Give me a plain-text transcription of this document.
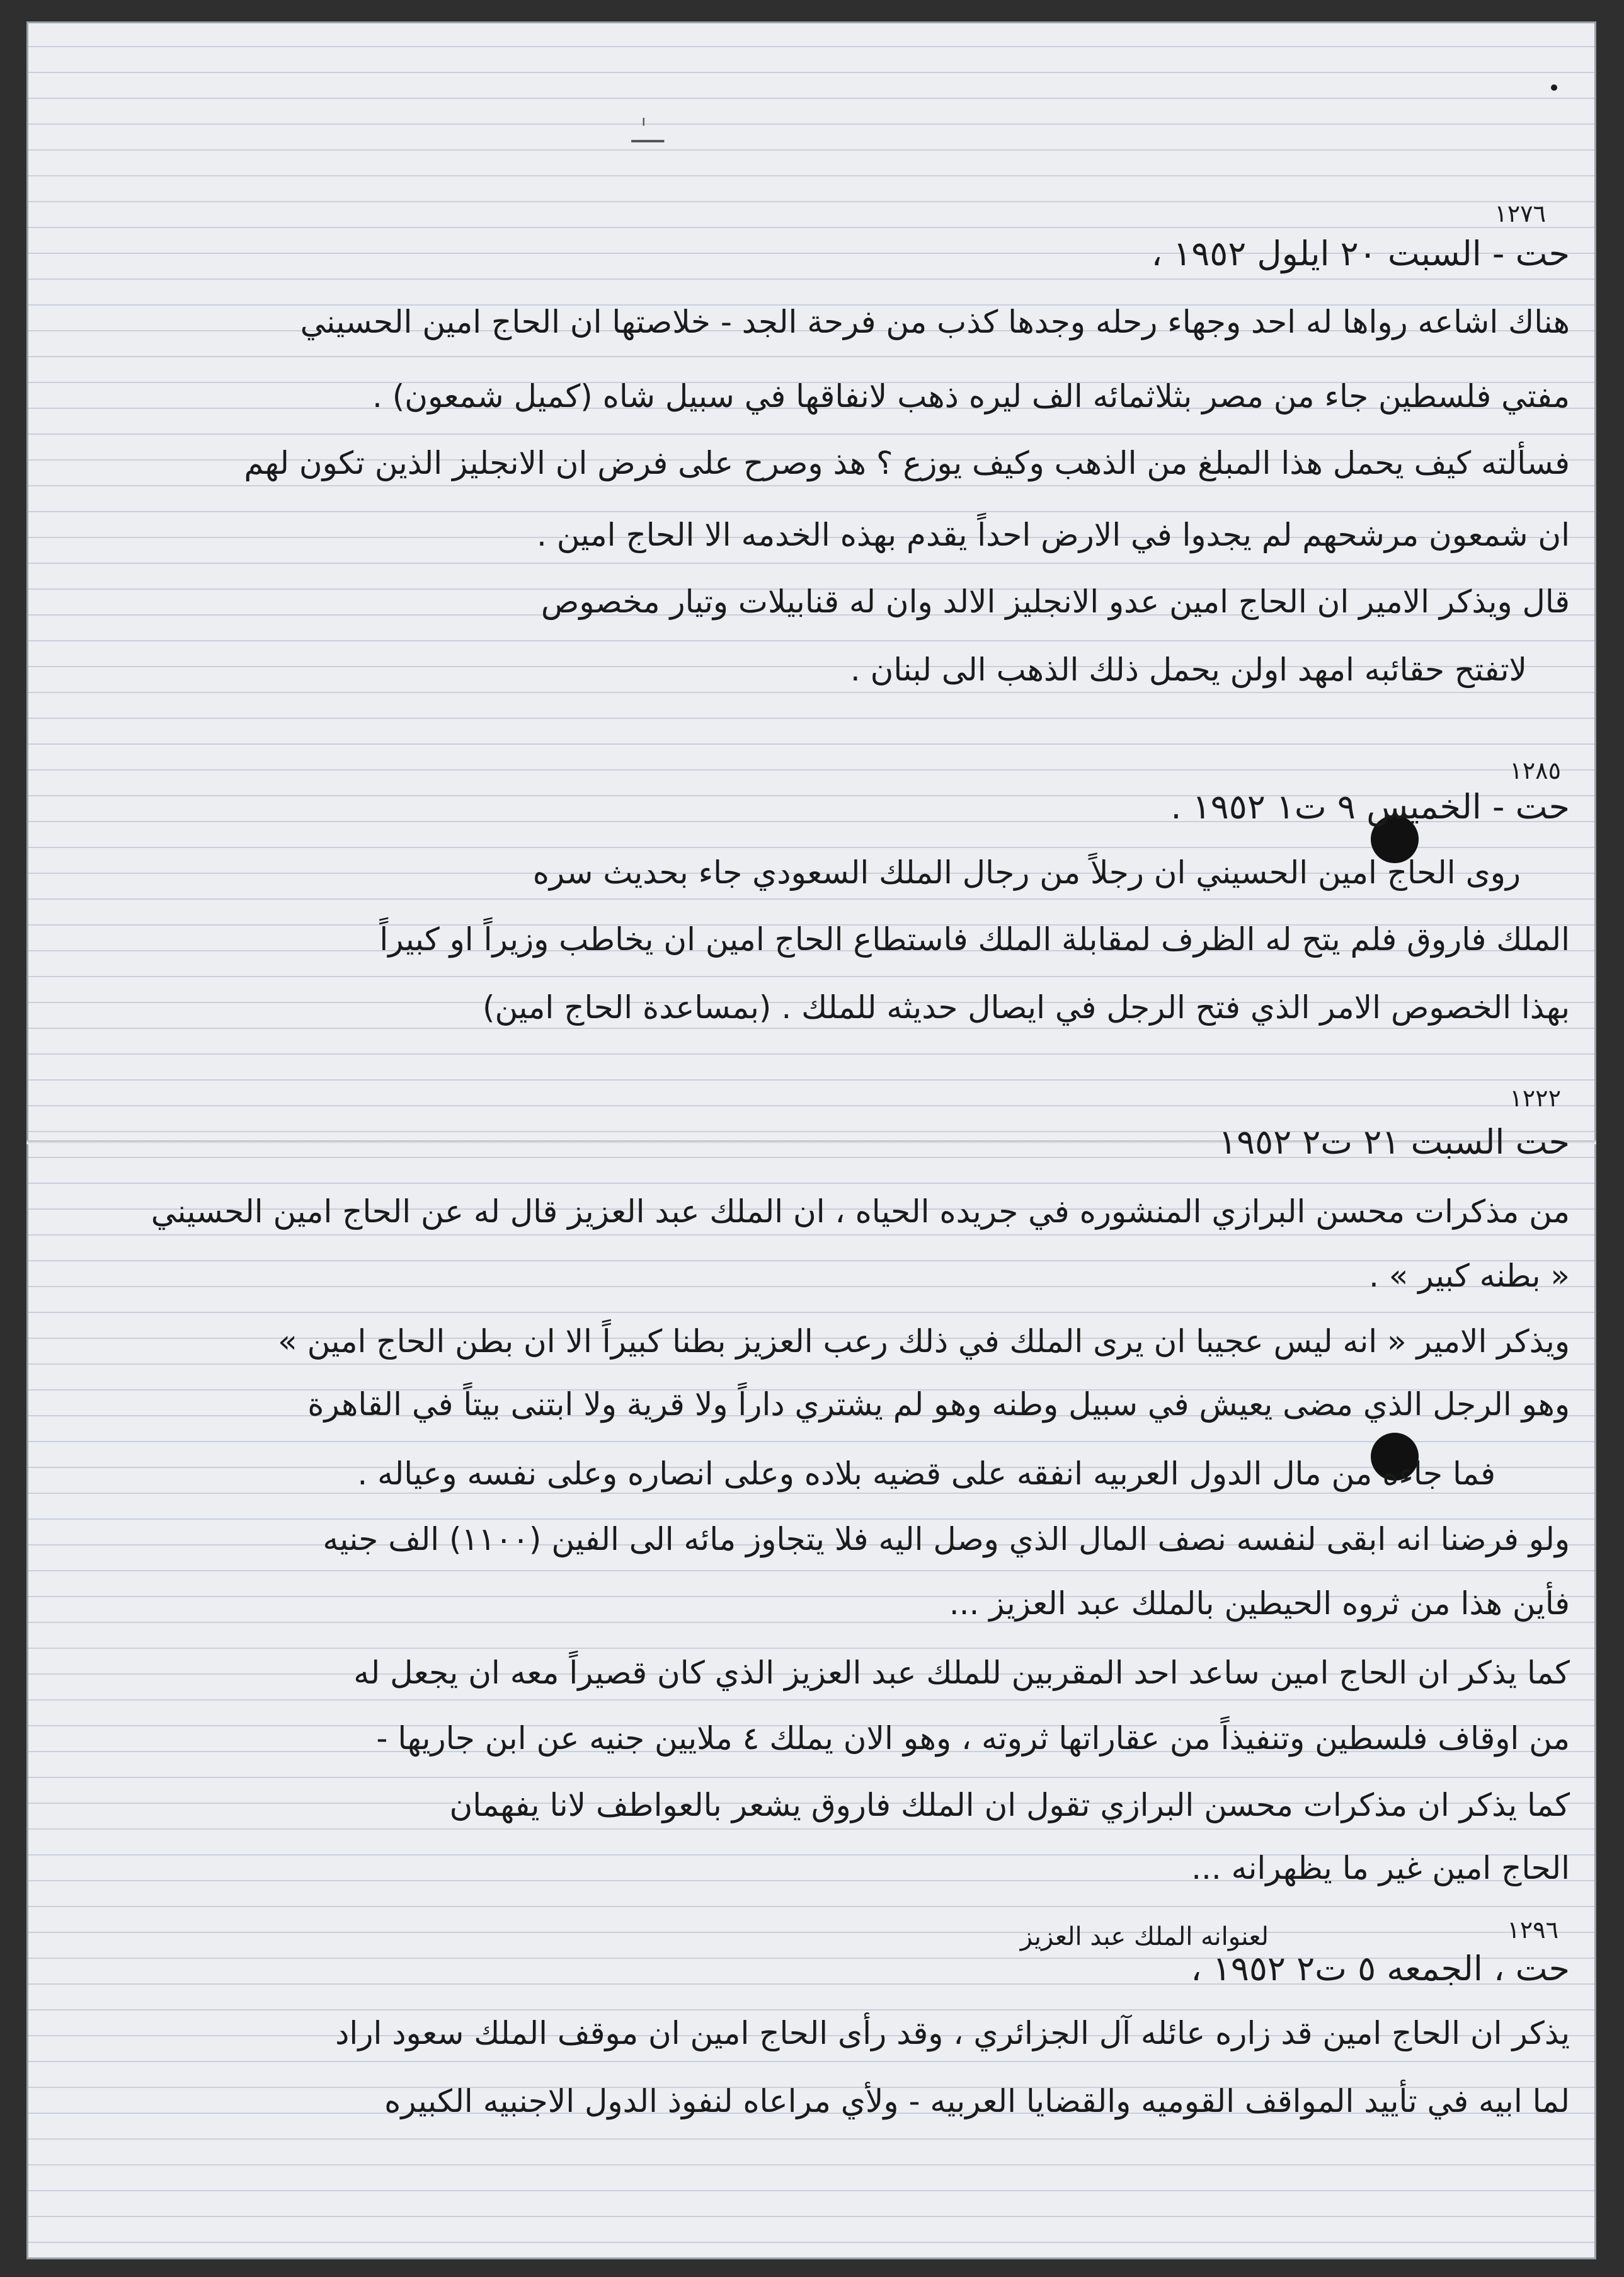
ـــٰـ
١٢٧٦
حت - السبت ٢٠ ايلول ١٩٥٢ ،
هناك اشاعه رواها له احد وجهاء رحله وجدها كذب من فرحة الجد - خلاصتها ان الحاج امين الحسيني
مفتي فلسطين جاء من مصر بثلاثمائه الف ليره ذهب لانفاقها في سبيل شاه (كميل شمعون) .
فسألته كيف يحمل هذا المبلغ من الذهب وكيف يوزع ؟ هذ وصرح على فرض ان الانجليز الذين تكون لهم
ان شمعون مرشحهم لم يجدوا في الارض احداً يقدم بهذه الخدمه الا الحاج امين .
قال ويذكر الامير ان الحاج امين عدو الانجليز الالد وان له قنابيلات وتيار مخصوص
لاتفتح حقائبه امهد اولن يحمل ذلك الذهب الى لبنان .
١٢٨٥
حت - الخميس ٩ ت١ ١٩٥٢ .
روى الحاج امين الحسيني ان رجلاً من رجال الملك السعودي جاء بحديث سره
الملك فاروق فلم يتح له الظرف لمقابلة الملك فاستطاع الحاج امين ان يخاطب وزيراً او كبيراً
بهذا الخصوص الامر الذي فتح الرجل في ايصال حديثه للملك . (بمساعدة الحاج امين)
١٢٢٢
حت السبت ٢١ ت٢ ١٩٥٢
من مذكرات محسن البرازي المنشوره في جريده الحياه ، ان الملك عبد العزيز قال له عن الحاج امين الحسيني
« بطنه كبير » .
ويذكر الامير « انه ليس عجيبا ان يرى الملك في ذلك رعب العزيز بطنا كبيراً الا ان بطن الحاج امين »
وهو الرجل الذي مضى يعيش في سبيل وطنه وهو لم يشتري داراً ولا قرية ولا ابتنى بيتاً في القاهرة
فما جاءه من مال الدول العربيه انفقه على قضيه بلاده وعلى انصاره وعلى نفسه وعياله .
ولو فرضنا انه ابقى لنفسه نصف المال الذي وصل اليه فلا يتجاوز مائه الى الفين (١١٠٠) الف جنيه
فأين هذا من ثروه الحيطين بالملك عبد العزيز ...
كما يذكر ان الحاج امين ساعد احد المقربين للملك عبد العزيز الذي كان قصيراً معه ان يجعل له
من اوقاف فلسطين وتنفيذاً من عقاراتها ثروته ، وهو الان يملك ٤ ملايين جنيه عن ابن جاريها -
كما يذكر ان مذكرات محسن البرازي تقول ان الملك فاروق يشعر بالعواطف لانا يفهمان
الحاج امين غير ما يظهرانه ...
١٢٩٦
لعنوانه الملك عبد العزيز
حت ، الجمعه ٥ ت٢ ١٩٥٢ ،
يذكر ان الحاج امين قد زاره عائله آل الجزائري ، وقد رأى الحاج امين ان موقف الملك سعود اراد
لما ابيه في تأييد المواقف القوميه والقضايا العربيه - ولأي مراعاه لنفوذ الدول الاجنبيه الكبيره
